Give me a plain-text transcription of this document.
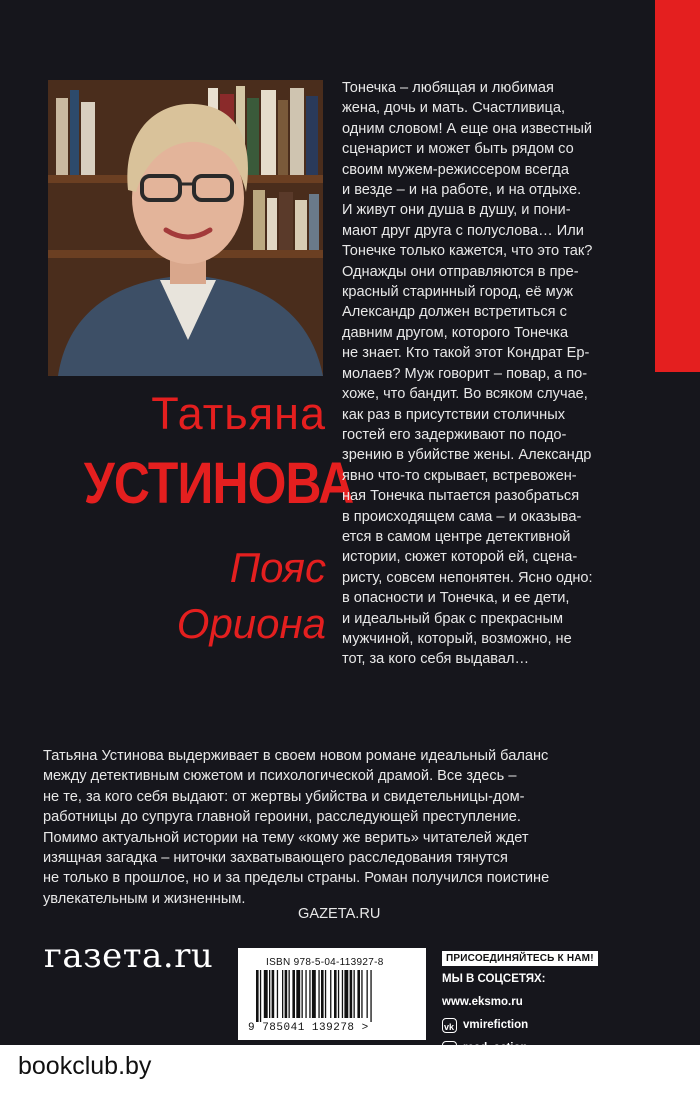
Татьяна
УСТИНОВА
Пояс
Ориона
Тонечка – любящая и любимая
жена, дочь и мать. Счастливица,
одним словом! А еще она известный
сценарист и может быть рядом со
своим мужем-режиссером всегда
и везде – и на работе, и на отдыхе.
И живут они душа в душу, и пони-
мают друг друга с полуслова… Или
Тонечке только кажется, что это так?
Однажды они отправляются в пре-
красный старинный город, её муж
Александр должен встретиться с
давним другом, которого Тонечка
не знает. Кто такой этот Кондрат Ер-
молаев? Муж говорит – повар, а по-
хоже, что бандит. Во всяком случае,
как раз в присутствии столичных
гостей его задерживают по подо-
зрению в убийстве жены. Александр
явно что-то скрывает, встревожен-
ная Тонечка пытается разобраться
в происходящем сама – и оказыва-
ется в самом центре детективной
истории, сюжет которой ей, сцена-
ристу, совсем непонятен. Ясно одно:
в опасности и Тонечка, и ее дети,
и идеальный брак с прекрасным
мужчиной, который, возможно, не
тот, за кого себя выдавал…
Татьяна Устинова выдерживает в своем новом романе идеальный баланс
между детективным сюжетом и психологической драмой. Все здесь –
не те, за кого себя выдают: от жертвы убийства и свидетельницы-дом-
работницы до супруга главной героини, расследующей преступление.
Помимо актуальной истории на тему «кому же верить» читателей ждет
изящная загадка – ниточки захватывающего расследования тянутся
не только в прошлое, но и за пределы страны. Роман получился поистине
увлекательным и жизненным.
GAZETA.RU
газета.ru	ISBN 978-5-04-113927-8
9 785041 139278 >
ПРИСОЕДИНЯЙТЕСЬ К НАМ!
МЫ В СОЦСЕТЯХ:
www.eksmo.ru
vk vmirefiction
read_action
bookclub.by
